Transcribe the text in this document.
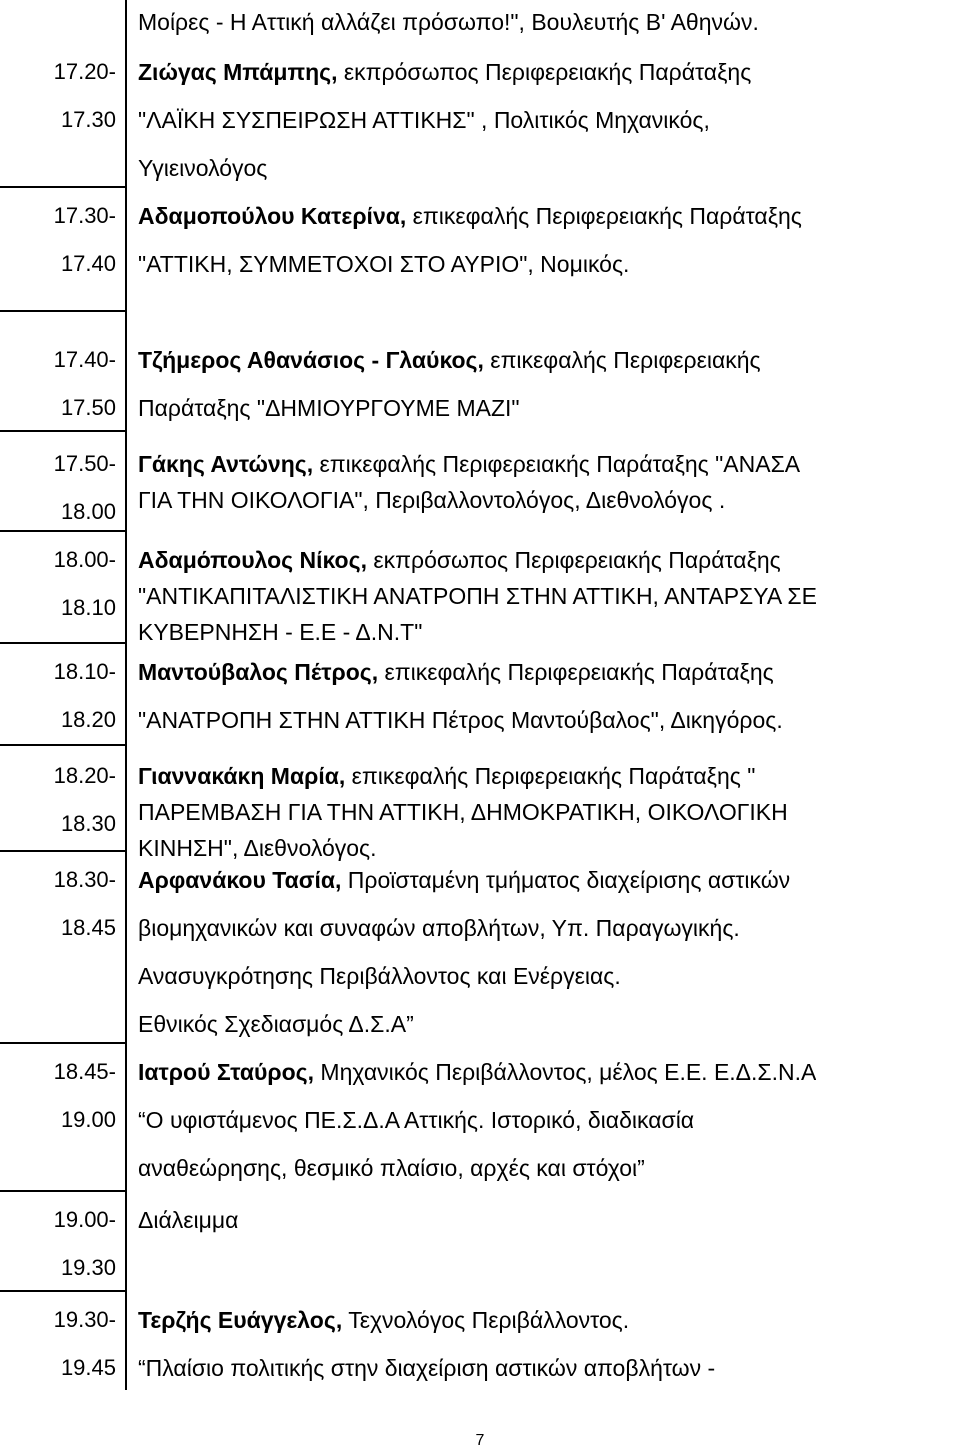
Μοίρες - Η Αττική αλλάζει πρόσωπο!", Βουλευτής Β' Αθηνών.
17.20-
17.30
Ζιώγας Μπάμπης, εκπρόσωπος Περιφερειακής Παράταξης
"ΛΑΪΚΗ ΣΥΣΠΕΙΡΩΣΗ ΑΤΤΙΚΗΣ" , Πολιτικός Μηχανικός,
Υγιεινολόγος
17.30-
17.40
Αδαμοπούλου Κατερίνα, επικεφαλής Περιφερειακής Παράταξης
"ΑΤΤΙΚΗ, ΣΥΜΜΕΤΟΧΟΙ ΣΤΟ ΑΥΡΙΟ", Νομικός.
17.40-
17.50
Τζήμερος Αθανάσιος - Γλαύκος, επικεφαλής Περιφερειακής
Παράταξης "ΔΗΜΙΟΥΡΓΟΥΜΕ ΜΑΖΙ"
17.50-
18.00
Γάκης Αντώνης, επικεφαλής Περιφερειακής Παράταξης "ΑΝΑΣΑ
ΓΙΑ ΤΗΝ ΟΙΚΟΛΟΓΙΑ", Περιβαλλοντολόγος, Διεθνολόγος .
18.00-
18.10
Αδαμόπουλος Νίκος, εκπρόσωπος Περιφερειακής Παράταξης
"ΑΝΤΙΚΑΠΙΤΑΛΙΣΤΙΚΗ ΑΝΑΤΡΟΠΗ ΣΤΗΝ ΑΤΤΙΚΗ, ΑΝΤΑΡΣΥΑ ΣΕ
ΚΥΒΕΡΝΗΣΗ - Ε.Ε - Δ.Ν.Τ"
18.10-
18.20
Μαντούβαλος Πέτρος, επικεφαλής Περιφερειακής Παράταξης
"ΑΝΑΤΡΟΠΗ ΣΤΗΝ ΑΤΤΙΚΗ Πέτρος Μαντούβαλος", Δικηγόρος.
18.20-
18.30
Γιαννακάκη Μαρία, επικεφαλής Περιφερειακής Παράταξης "
ΠΑΡΕΜΒΑΣΗ ΓΙΑ ΤΗΝ ΑΤΤΙΚΗ, ΔΗΜΟΚΡΑΤΙΚΗ, ΟΙΚΟΛΟΓΙΚΗ
ΚΙΝΗΣΗ", Διεθνολόγος.
18.30-
18.45
Αρφανάκου Τασία, Προϊσταμένη τμήματος διαχείρισης αστικών
βιομηχανικών και συναφών αποβλήτων, Υπ. Παραγωγικής.
Ανασυγκρότησης Περιβάλλοντος και Ενέργειας.
Εθνικός Σχεδιασμός Δ.Σ.Α”
18.45-
19.00
Ιατρού Σταύρος, Μηχανικός Περιβάλλοντος, μέλος Ε.Ε. Ε.Δ.Σ.Ν.Α
“Ο υφιστάμενος ΠΕ.Σ.Δ.Α Αττικής. Ιστορικό, διαδικασία
αναθεώρησης, θεσμικό πλαίσιο, αρχές και στόχοι”
19.00-
19.30
Διάλειμμα
19.30-
19.45
Τερζής Ευάγγελος, Τεχνολόγος Περιβάλλοντος.
“Πλαίσιο πολιτικής στην διαχείριση αστικών αποβλήτων -
7
